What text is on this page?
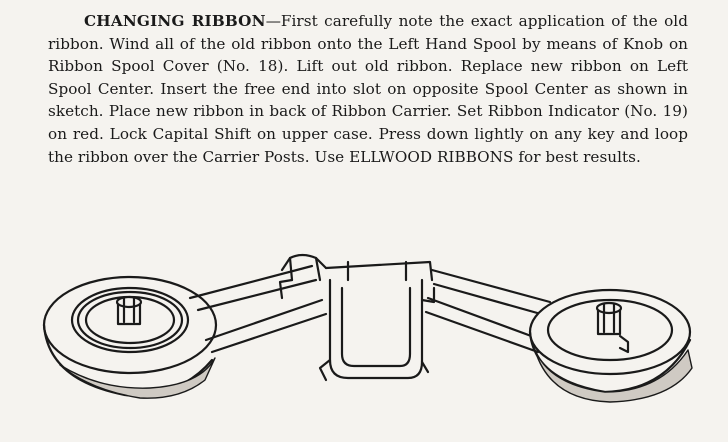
CHANGING RIBBON—First carefully note the exact application of the old ribbon. Wind all of the old ribbon onto the Left Hand Spool by means of Knob on Ribbon Spool Cover (No. 18). Lift out old ribbon. Replace new ribbon on Left Spool Center. Insert the free end into slot on opposite Spool Center as shown in sketch. Place new ribbon in back of Ribbon Carrier. Set Ribbon Indicator (No. 19) on red. Lock Capital Shift on upper case. Press down lightly on any key and loop the ribbon over the Carrier Posts. Use ELLWOOD RIBBONS for best results.
